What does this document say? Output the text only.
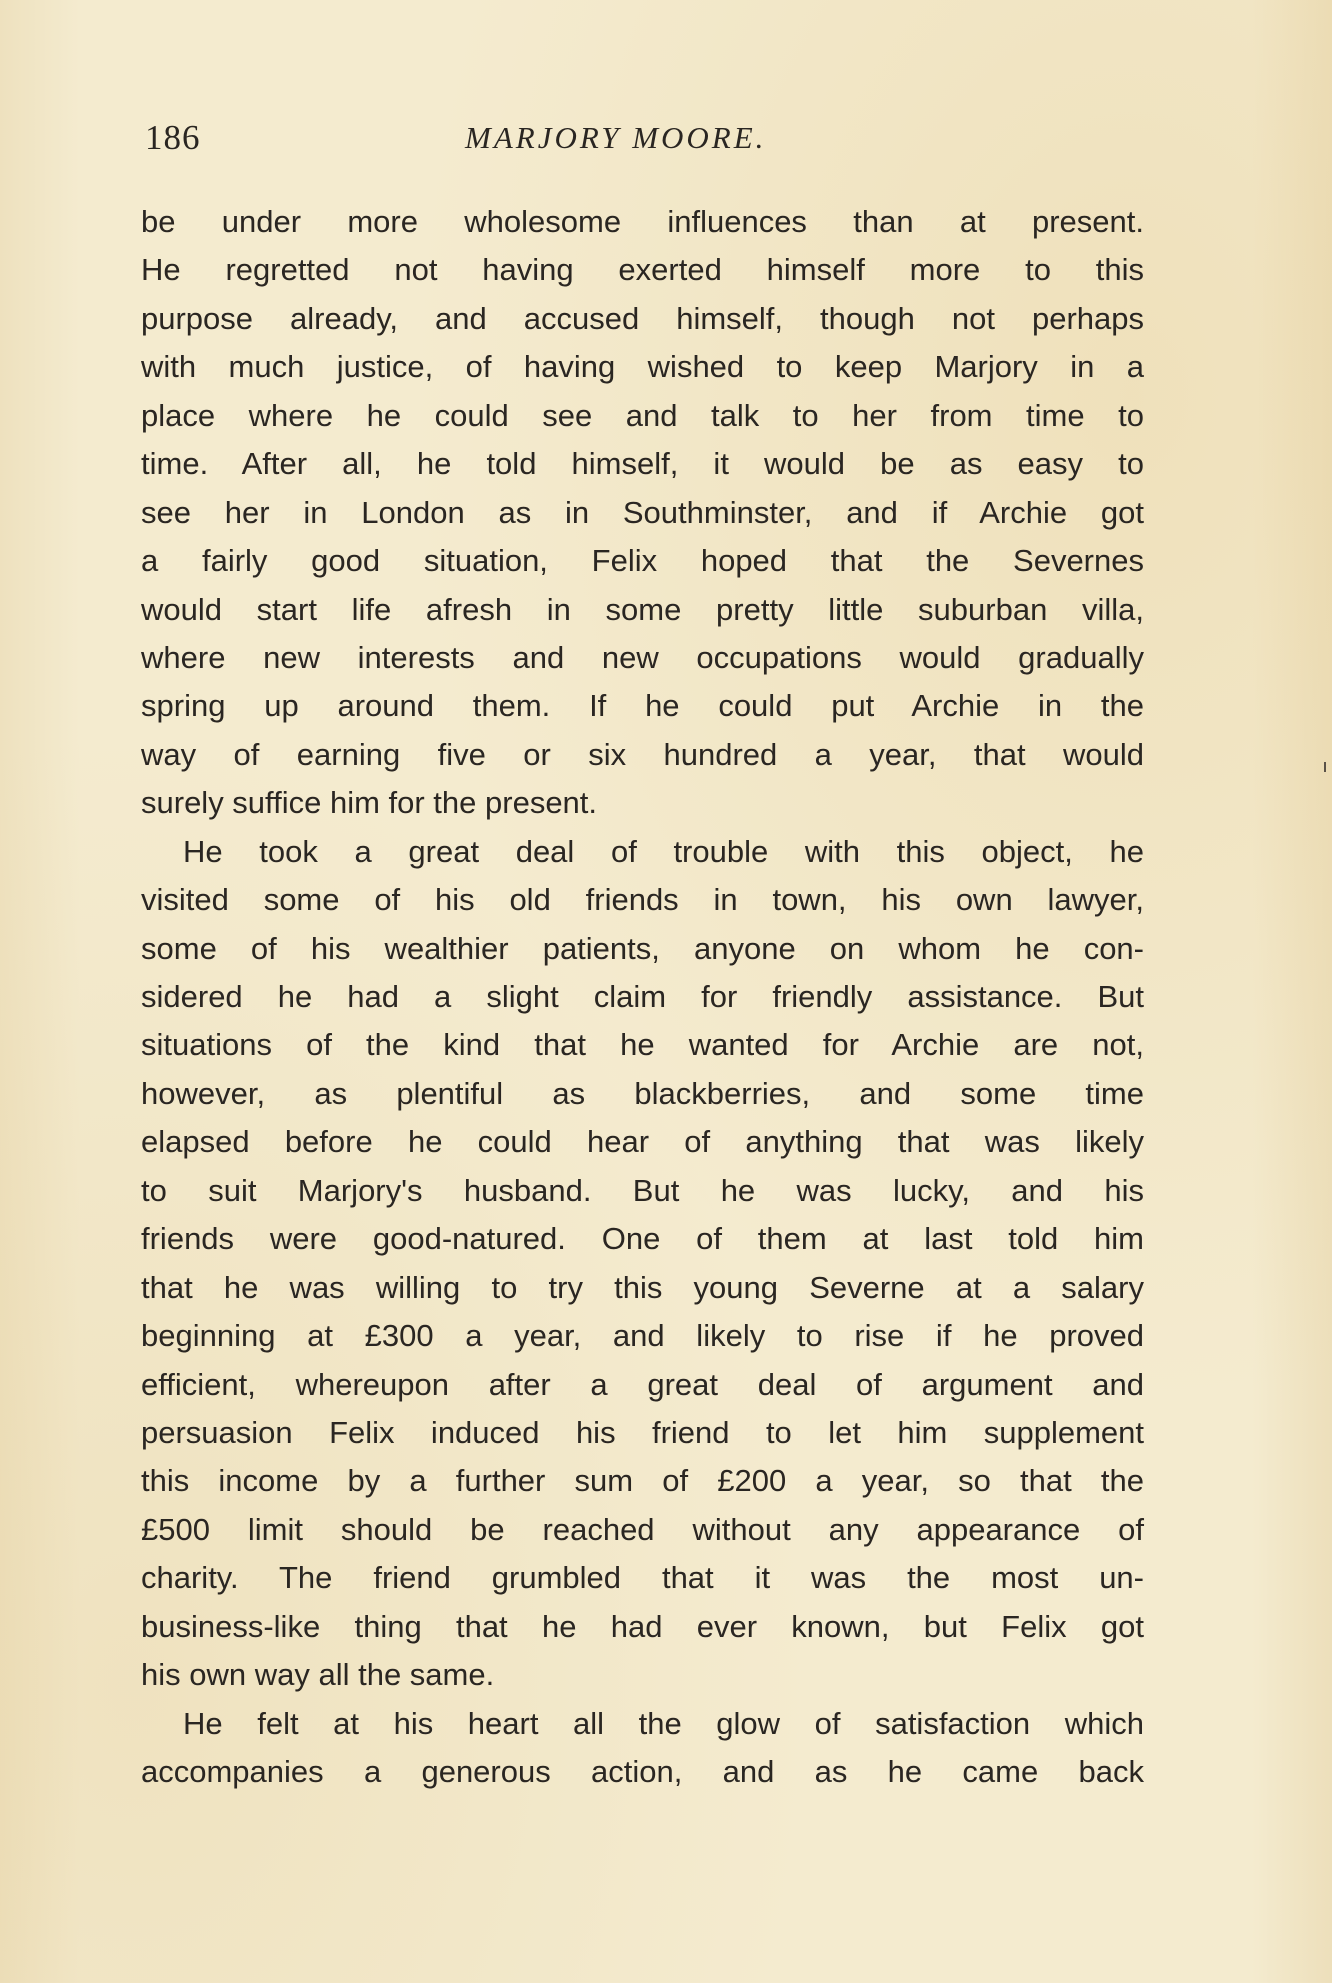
186	MARJORY MOORE.
be under more wholesome influences than at present.
He regretted not having exerted himself more to this
purpose already, and accused himself, though not perhaps
with much justice, of having wished to keep Marjory in a
place where he could see and talk to her from time to
time. After all, he told himself, it would be as easy to
see her in London as in Southminster, and if Archie got
a fairly good situation, Felix hoped that the Severnes
would start life afresh in some pretty little suburban villa,
where new interests and new occupations would gradually
spring up around them. If he could put Archie in the
way of earning five or six hundred a year, that would
surely suffice him for the present.
He took a great deal of trouble with this object, he
visited some of his old friends in town, his own lawyer,
some of his wealthier patients, anyone on whom he con-
sidered he had a slight claim for friendly assistance. But
situations of the kind that he wanted for Archie are not,
however, as plentiful as blackberries, and some time
elapsed before he could hear of anything that was likely
to suit Marjory's husband. But he was lucky, and his
friends were good-natured. One of them at last told him
that he was willing to try this young Severne at a salary
beginning at £300 a year, and likely to rise if he proved
efficient, whereupon after a great deal of argument and
persuasion Felix induced his friend to let him supplement
this income by a further sum of £200 a year, so that the
£500 limit should be reached without any appearance of
charity. The friend grumbled that it was the most un-
business-like thing that he had ever known, but Felix got
his own way all the same.
He felt at his heart all the glow of satisfaction which
accompanies a generous action, and as he came back
